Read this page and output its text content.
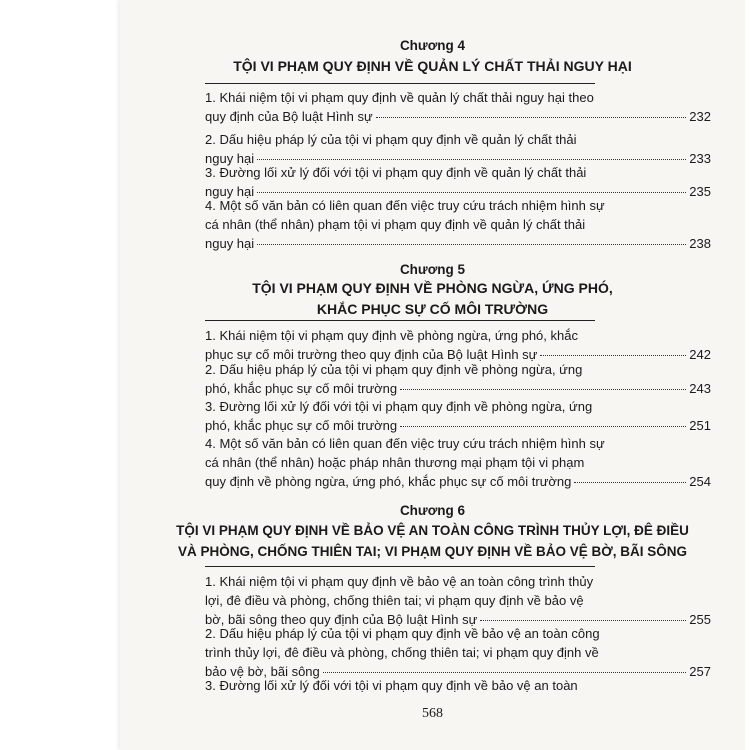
Chương 4
TỘI VI PHẠM QUY ĐỊNH VỀ QUẢN LÝ CHẤT THẢI NGUY HẠI
1. Khái niệm tội vi phạm quy định về quản lý chất thải nguy hại theo
quy định của Bộ luật Hình sự	232
2. Dấu hiệu pháp lý của tội vi phạm quy định về quản lý chất thải
nguy hại	233
3. Đường lối xử lý đối với tội vi phạm quy định về quản lý chất thải
nguy hại	235
4. Một số văn bản có liên quan đến việc truy cứu trách nhiệm hình sự
cá nhân (thể nhân) phạm tội vi phạm quy định về quản lý chất thải
nguy hại	238
Chương 5
TỘI VI PHẠM QUY ĐỊNH VỀ PHÒNG NGỪA, ỨNG PHÓ,
KHẮC PHỤC SỰ CỐ MÔI TRƯỜNG
1. Khái niệm tội vi phạm quy định về phòng ngừa, ứng phó, khắc
phục sự cố môi trường theo quy định của Bộ luật Hình sự	242
2. Dấu hiệu pháp lý của tội vi phạm quy định về phòng ngừa, ứng
phó, khắc phục sự cố môi trường	243
3. Đường lối xử lý đối với tội vi phạm quy định về phòng ngừa, ứng
phó, khắc phục sự cố môi trường	251
4. Một số văn bản có liên quan đến việc truy cứu trách nhiệm hình sự
cá nhân (thể nhân) hoặc pháp nhân thương mại phạm tội vi phạm
quy định về phòng ngừa, ứng phó, khắc phục sự cố môi trường	254
Chương 6
TỘI VI PHẠM QUY ĐỊNH VỀ BẢO VỆ AN TOÀN CÔNG TRÌNH THỦY LỢI, ĐÊ ĐIỀU
VÀ PHÒNG, CHỐNG THIÊN TAI; VI PHẠM QUY ĐỊNH VỀ BẢO VỆ BỜ, BÃI SÔNG
1. Khái niệm tội vi phạm quy định về bảo vệ an toàn công trình thủy
lợi, đê điều và phòng, chống thiên tai; vi phạm quy định về bảo vệ
bờ, bãi sông theo quy định của Bộ luật Hình sự	255
2. Dấu hiệu pháp lý của tội vi phạm quy định về bảo vệ an toàn công
trình thủy lợi, đê điều và phòng, chống thiên tai; vi phạm quy định về
bảo vệ bờ, bãi sông	257
3. Đường lối xử lý đối với tội vi phạm quy định về bảo vệ an toàn
568
